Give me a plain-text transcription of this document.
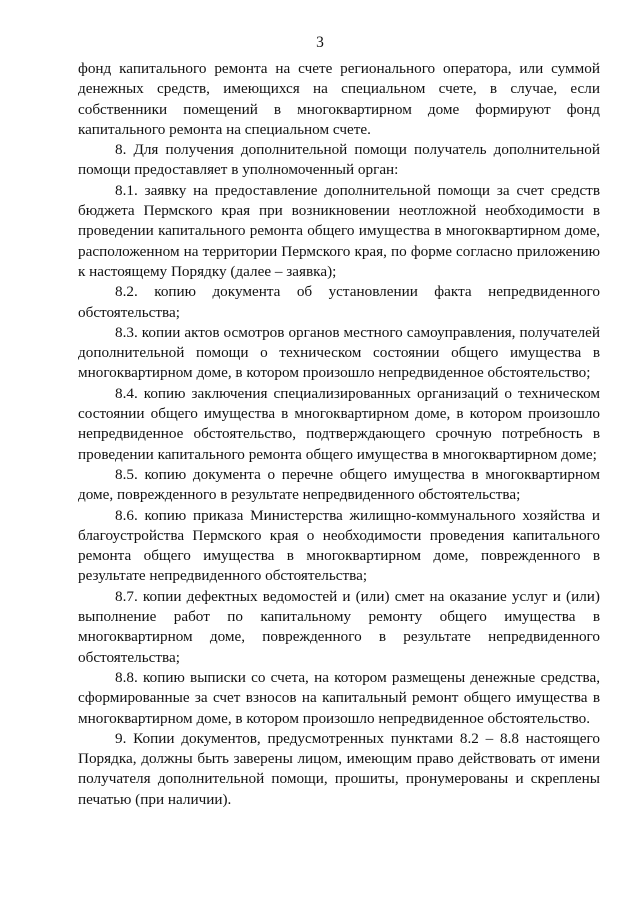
3

фонд капитального ремонта на счете регионального оператора, или суммой денежных средств, имеющихся на специальном счете, в случае, если собственники помещений в многоквартирном доме формируют фонд капитального ремонта на специальном счете.

8. Для получения дополнительной помощи получатель дополнительной помощи предоставляет в уполномоченный орган:

8.1. заявку на предоставление дополнительной помощи за счет средств бюджета Пермского края при возникновении неотложной необходимости в проведении капитального ремонта общего имущества в многоквартирном доме, расположенном на территории Пермского края, по форме согласно приложению к настоящему Порядку (далее – заявка);

8.2. копию документа об установлении факта непредвиденного обстоятельства;

8.3. копии актов осмотров органов местного самоуправления, получателей дополнительной помощи о техническом состоянии общего имущества в многоквартирном доме, в котором произошло непредвиденное обстоятельство;

8.4. копию заключения специализированных организаций о техническом состоянии общего имущества в многоквартирном доме, в котором произошло непредвиденное обстоятельство, подтверждающего срочную потребность в проведении капитального ремонта общего имущества в многоквартирном доме;

8.5. копию документа о перечне общего имущества в многоквартирном доме, поврежденного в результате непредвиденного обстоятельства;

8.6. копию приказа Министерства жилищно-коммунального хозяйства и благоустройства Пермского края о необходимости проведения капитального ремонта общего имущества в многоквартирном доме, поврежденного в результате непредвиденного обстоятельства;

8.7. копии дефектных ведомостей и (или) смет на оказание услуг и (или) выполнение работ по капитальному ремонту общего имущества в многоквартирном доме, поврежденного в результате непредвиденного обстоятельства;

8.8. копию выписки со счета, на котором размещены денежные средства, сформированные за счет взносов на капитальный ремонт общего имущества в многоквартирном доме, в котором произошло непредвиденное обстоятельство.

9. Копии документов, предусмотренных пунктами 8.2 – 8.8 настоящего Порядка, должны быть заверены лицом, имеющим право действовать от имени получателя дополнительной помощи, прошиты, пронумерованы и скреплены печатью (при наличии).
